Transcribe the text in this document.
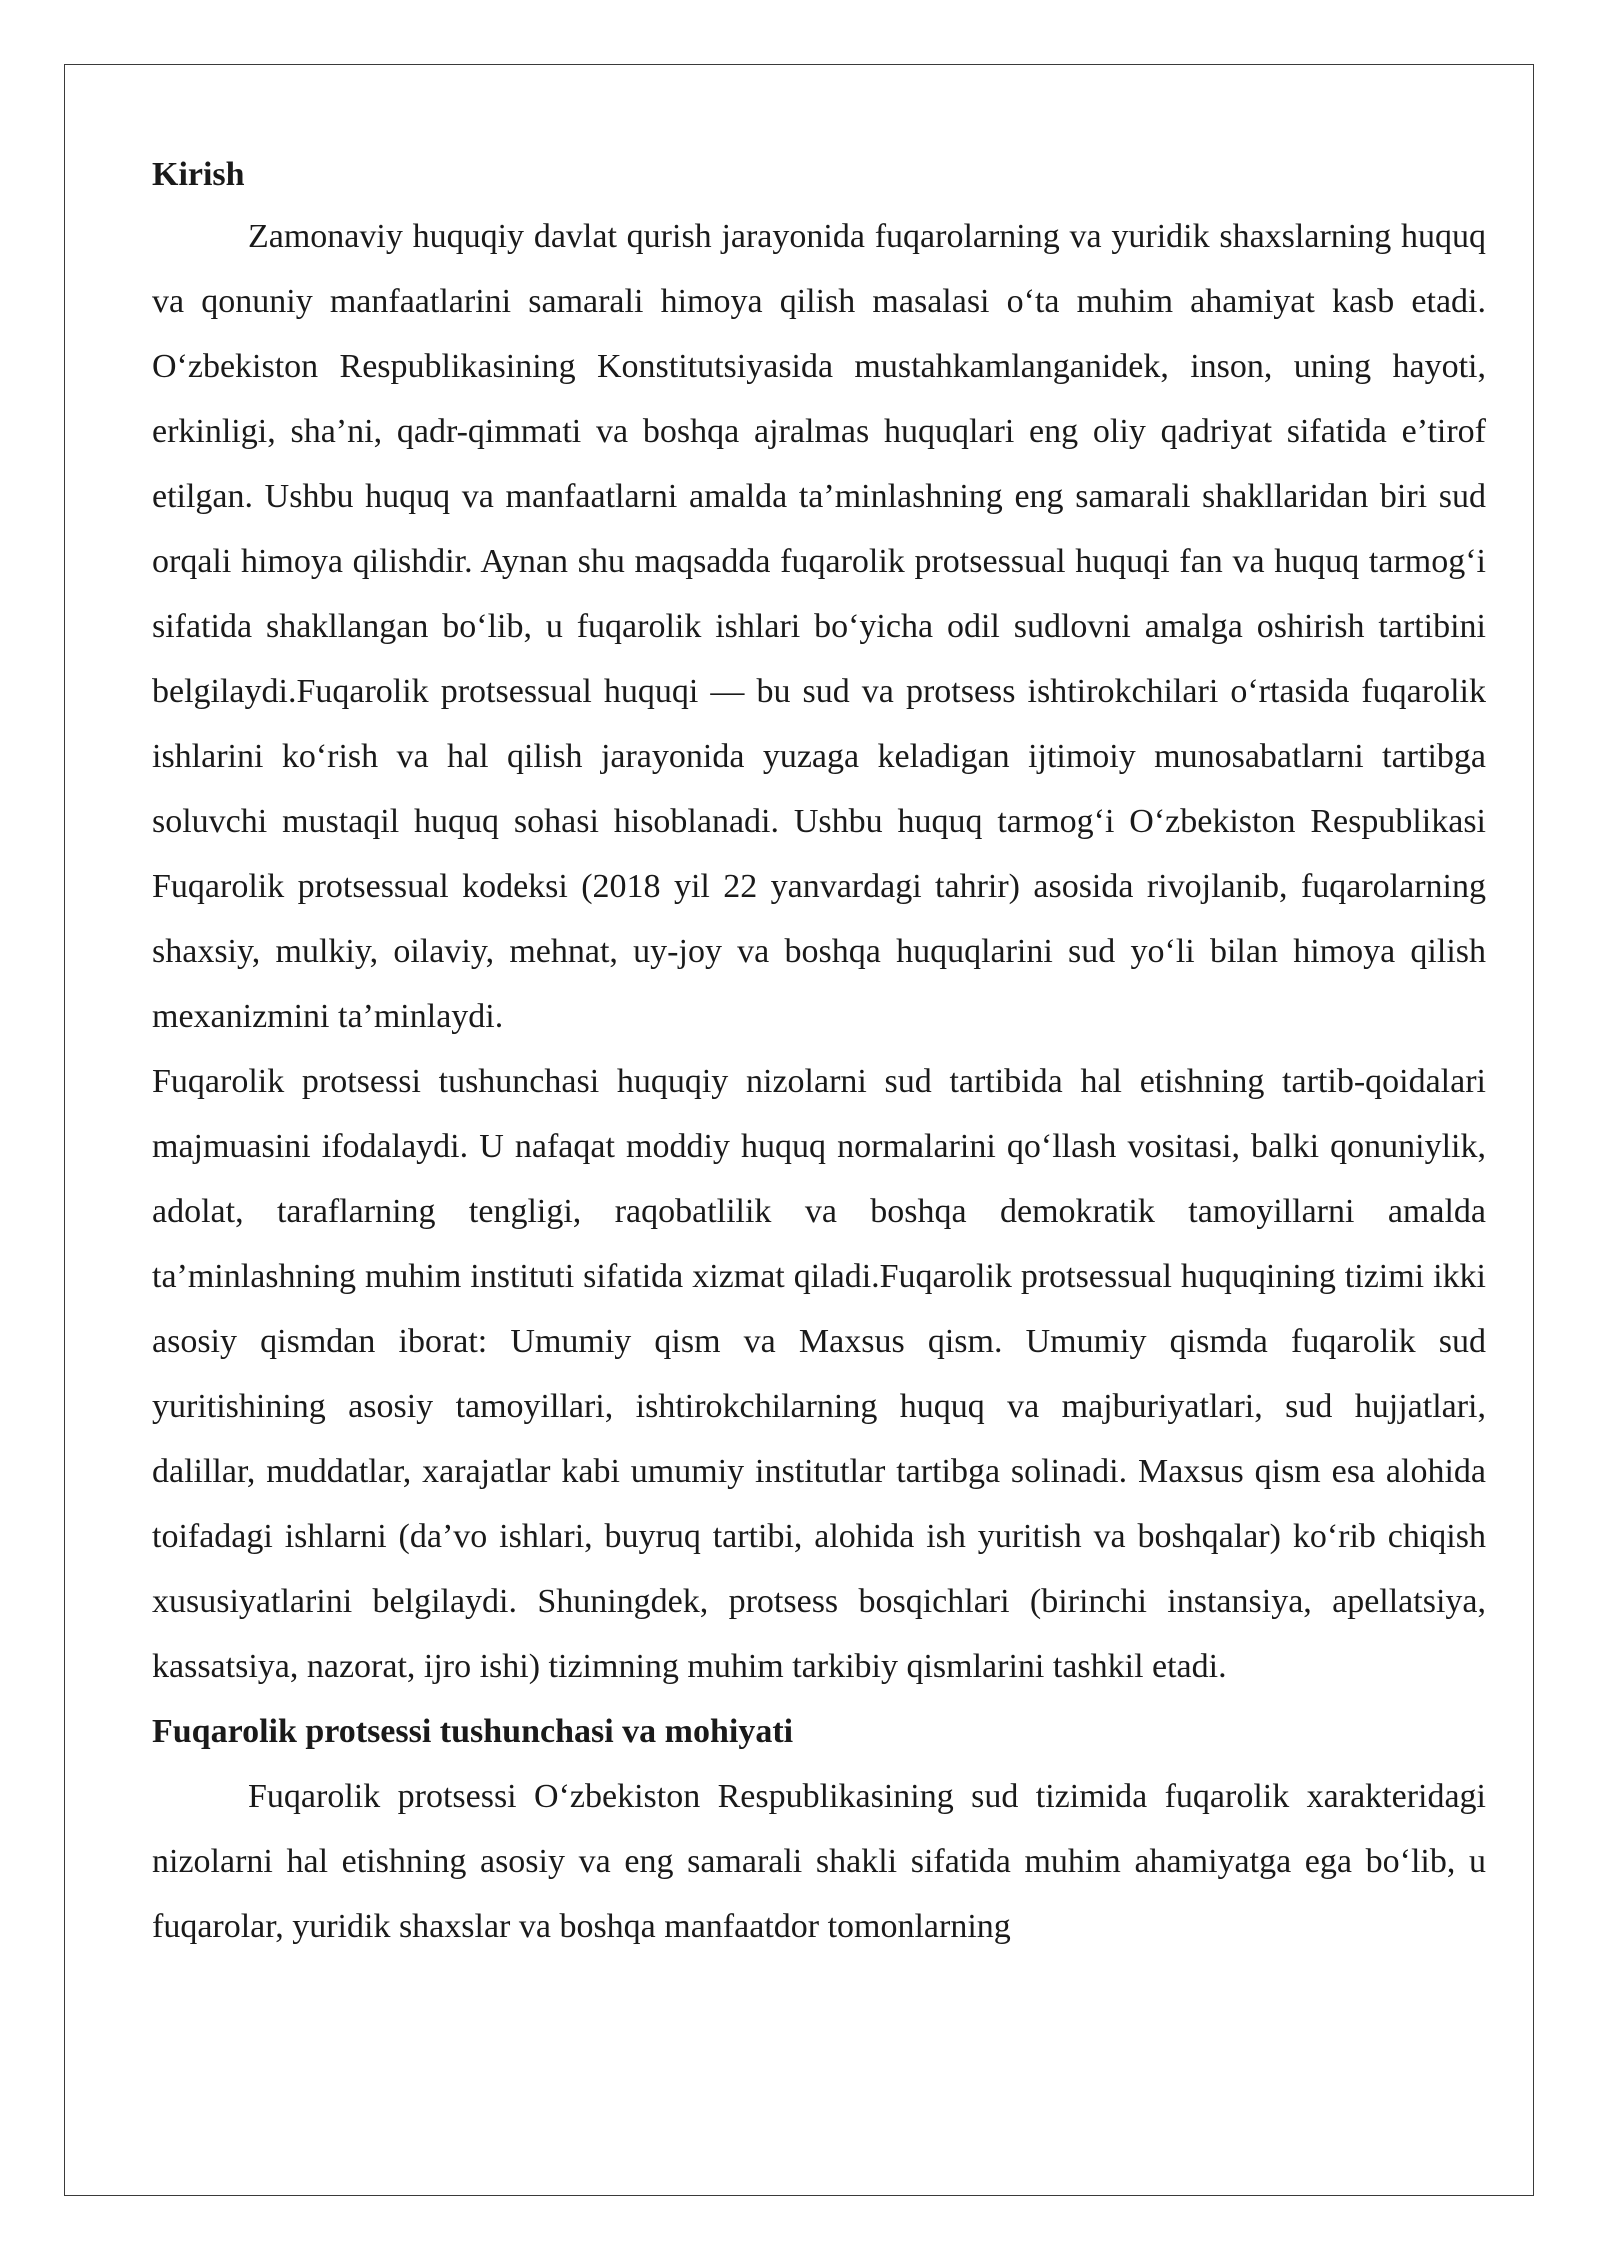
Kirish

Zamonaviy huquqiy davlat qurish jarayonida fuqarolarning va yuridik shaxslarning huquq va qonuniy manfaatlarini samarali himoya qilish masalasi o‘ta muhim ahamiyat kasb etadi. O‘zbekiston Respublikasining Konstitutsiyasida mustahkamlanganidek, inson, uning hayoti, erkinligi, sha’ni, qadr-qimmati va boshqa ajralmas huquqlari eng oliy qadriyat sifatida e’tirof etilgan. Ushbu huquq va manfaatlarni amalda ta’minlashning eng samarali shakllaridan biri sud orqali himoya qilishdir. Aynan shu maqsadda fuqarolik protsessual huquqi fan va huquq tarmog‘i sifatida shakllangan bo‘lib, u fuqarolik ishlari bo‘yicha odil sudlovni amalga oshirish tartibini belgilaydi.Fuqarolik protsessual huquqi — bu sud va protsess ishtirokchilari o‘rtasida fuqarolik ishlarini ko‘rish va hal qilish jarayonida yuzaga keladigan ijtimoiy munosabatlarni tartibga soluvchi mustaqil huquq sohasi hisoblanadi. Ushbu huquq tarmog‘i O‘zbekiston Respublikasi Fuqarolik protsessual kodeksi (2018 yil 22 yanvardagi tahrir) asosida rivojlanib, fuqarolarning shaxsiy, mulkiy, oilaviy, mehnat, uy-joy va boshqa huquqlarini sud yo‘li bilan himoya qilish mexanizmini ta’minlaydi.

Fuqarolik protsessi tushunchasi huquqiy nizolarni sud tartibida hal etishning tartib-qoidalari majmuasini ifodalaydi. U nafaqat moddiy huquq normalarini qo‘llash vositasi, balki qonuniylik, adolat, taraflarning tengligi, raqobatlilik va boshqa demokratik tamoyillarni amalda ta’minlashning muhim instituti sifatida xizmat qiladi.Fuqarolik protsessual huquqining tizimi ikki asosiy qismdan iborat: Umumiy qism va Maxsus qism. Umumiy qismda fuqarolik sud yuritishining asosiy tamoyillari, ishtirokchilarning huquq va majburiyatlari, sud hujjatlari, dalillar, muddatlar, xarajatlar kabi umumiy institutlar tartibga solinadi. Maxsus qism esa alohida toifadagi ishlarni (da’vo ishlari, buyruq tartibi, alohida ish yuritish va boshqalar) ko‘rib chiqish xususiyatlarini belgilaydi. Shuningdek, protsess bosqichlari (birinchi instansiya, apellatsiya, kassatsiya, nazorat, ijro ishi) tizimning muhim tarkibiy qismlarini tashkil etadi.

Fuqarolik protsessi tushunchasi va mohiyati

Fuqarolik protsessi O‘zbekiston Respublikasining sud tizimida fuqarolik xarakteridagi nizolarni hal etishning asosiy va eng samarali shakli sifatida muhim ahamiyatga ega bo‘lib, u fuqarolar, yuridik shaxslar va boshqa manfaatdor tomonlarning
